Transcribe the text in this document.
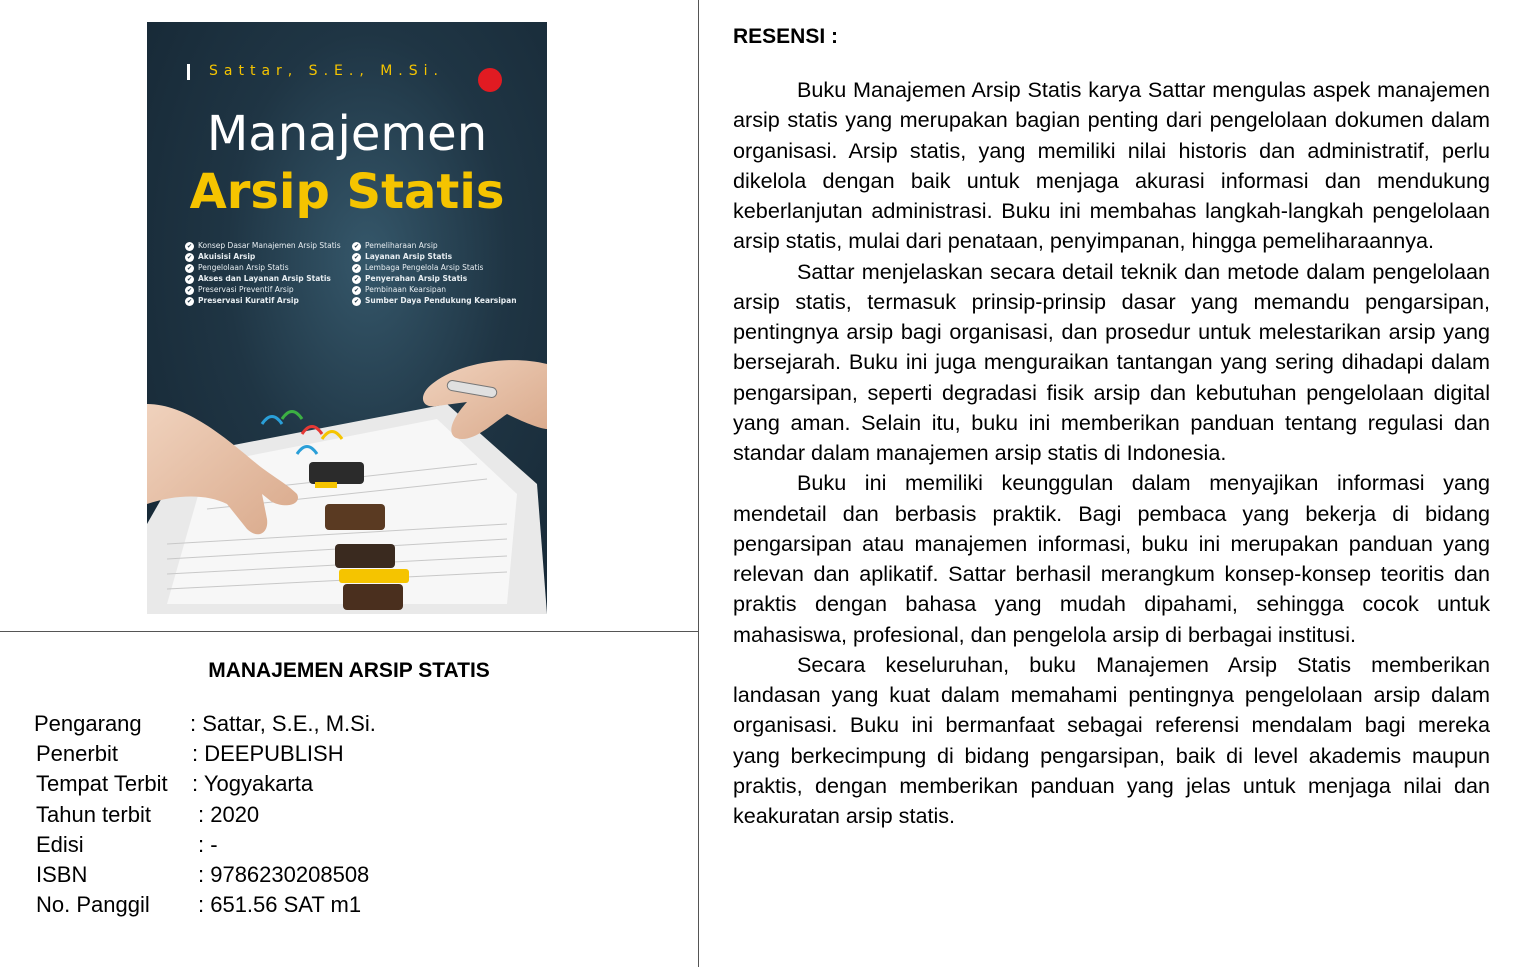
Sattar, S.E., M.Si.
Manajemen
Arsip Statis
✔ Konsep Dasar Manajemen Arsip Statis
✔ Akuisisi Arsip
✔ Pengelolaan Arsip Statis
✔ Akses dan Layanan Arsip Statis
✔ Preservasi Preventif Arsip
✔ Preservasi Kuratif Arsip
✔ Pemeliharaan Arsip
✔ Layanan Arsip Statis
✔ Lembaga Pengelola Arsip Statis
✔ Penyerahan Arsip Statis
✔ Pembinaan Kearsipan
✔ Sumber Daya Pendukung Kearsipan
MANAJEMEN ARSIP STATIS
Pengarang : Sattar, S.E., M.Si.
Penerbit	: DEEPUBLISH
Tempat Terbit : Yogyakarta
Tahun terbit : 2020
Edisi	: -
ISBN	: 9786230208508
No. Panggil : 651.56 SAT m1
RESENSI :

Buku Manajemen Arsip Statis karya Sattar mengulas aspek manajemen arsip statis yang merupakan bagian penting dari pengelolaan dokumen dalam organisasi. Arsip statis, yang memiliki nilai historis dan administratif, perlu dikelola dengan baik untuk menjaga akurasi informasi dan mendukung keberlanjutan administrasi. Buku ini membahas langkah-langkah pengelolaan arsip statis, mulai dari penataan, penyimpanan, hingga pemeliharaannya.

Sattar menjelaskan secara detail teknik dan metode dalam pengelolaan arsip statis, termasuk prinsip-prinsip dasar yang memandu pengarsipan, pentingnya arsip bagi organisasi, dan prosedur untuk melestarikan arsip yang bersejarah. Buku ini juga menguraikan tantangan yang sering dihadapi dalam pengarsipan, seperti degradasi fisik arsip dan kebutuhan pengelolaan digital yang aman. Selain itu, buku ini memberikan panduan tentang regulasi dan standar dalam manajemen arsip statis di Indonesia.

Buku ini memiliki keunggulan dalam menyajikan informasi yang mendetail dan berbasis praktik. Bagi pembaca yang bekerja di bidang pengarsipan atau manajemen informasi, buku ini merupakan panduan yang relevan dan aplikatif. Sattar berhasil merangkum konsep-konsep teoritis dan praktis dengan bahasa yang mudah dipahami, sehingga cocok untuk mahasiswa, profesional, dan pengelola arsip di berbagai institusi.

Secara keseluruhan, buku Manajemen Arsip Statis memberikan landasan yang kuat dalam memahami pentingnya pengelolaan arsip dalam organisasi. Buku ini bermanfaat sebagai referensi mendalam bagi mereka yang berkecimpung di bidang pengarsipan, baik di level akademis maupun praktis, dengan memberikan panduan yang jelas untuk menjaga nilai dan keakuratan arsip statis.
